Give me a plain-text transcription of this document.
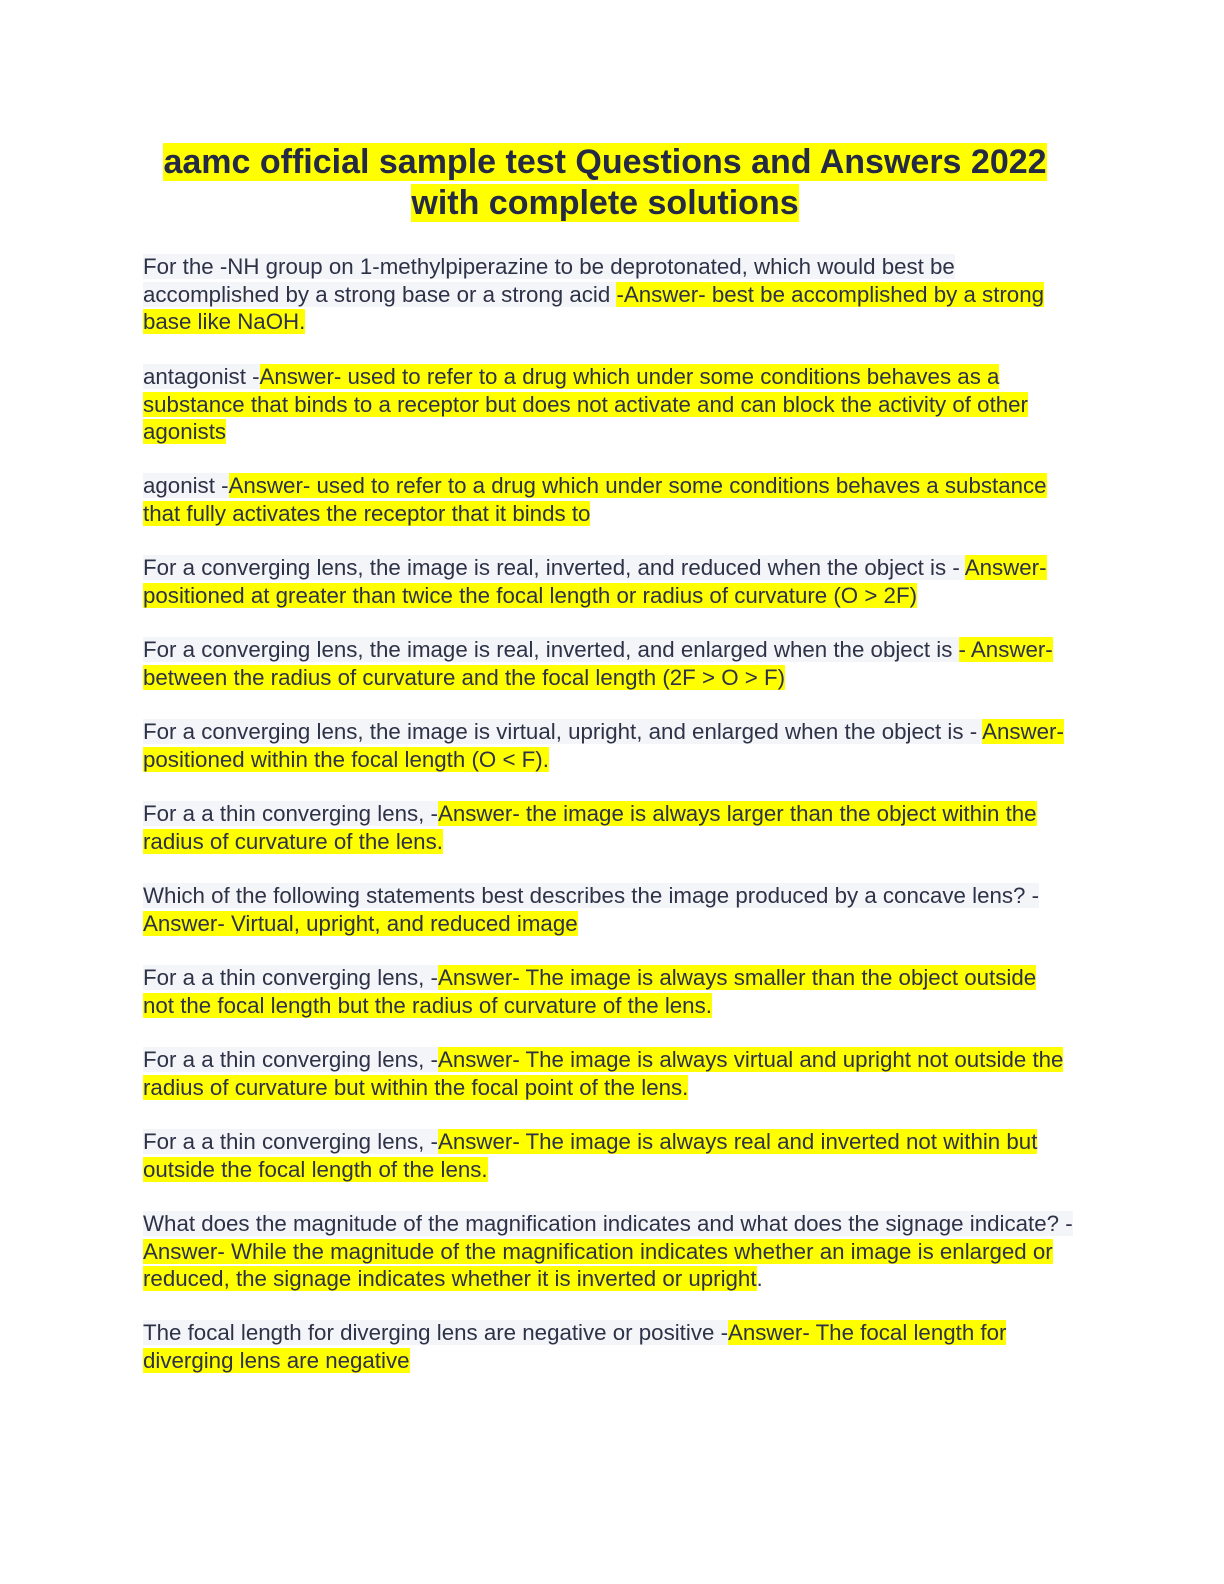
aamc official sample test Questions and Answers 2022
with complete solutions

For the -NH group on 1-methylpiperazine to be deprotonated, which would best be accomplished by a strong base or a strong acid -Answer- best be accomplished by a strong base like NaOH.

antagonist -Answer- used to refer to a drug which under some conditions behaves as a substance that binds to a receptor but does not activate and can block the activity of other agonists

agonist -Answer- used to refer to a drug which under some conditions behaves a substance that fully activates the receptor that it binds to

For a converging lens, the image is real, inverted, and reduced when the object is - Answer- positioned at greater than twice the focal length or radius of curvature (O > 2F)

For a converging lens, the image is real, inverted, and enlarged when the object is - Answer- between the radius of curvature and the focal length (2F > O > F)

For a converging lens, the image is virtual, upright, and enlarged when the object is - Answer- positioned within the focal length (O < F).

For a a thin converging lens, -Answer- the image is always larger than the object within the radius of curvature of the lens.

Which of the following statements best describes the image produced by a concave lens? -Answer- Virtual, upright, and reduced image

For a a thin converging lens, -Answer- The image is always smaller than the object outside not the focal length but the radius of curvature of the lens.

For a a thin converging lens, -Answer- The image is always virtual and upright not outside the radius of curvature but within the focal point of the lens.

For a a thin converging lens, -Answer- The image is always real and inverted not within but outside the focal length of the lens.

What does the magnitude of the magnification indicates and what does the signage indicate? -Answer- While the magnitude of the magnification indicates whether an image is enlarged or reduced, the signage indicates whether it is inverted or upright.

The focal length for diverging lens are negative or positive -Answer- The focal length for diverging lens are negative
